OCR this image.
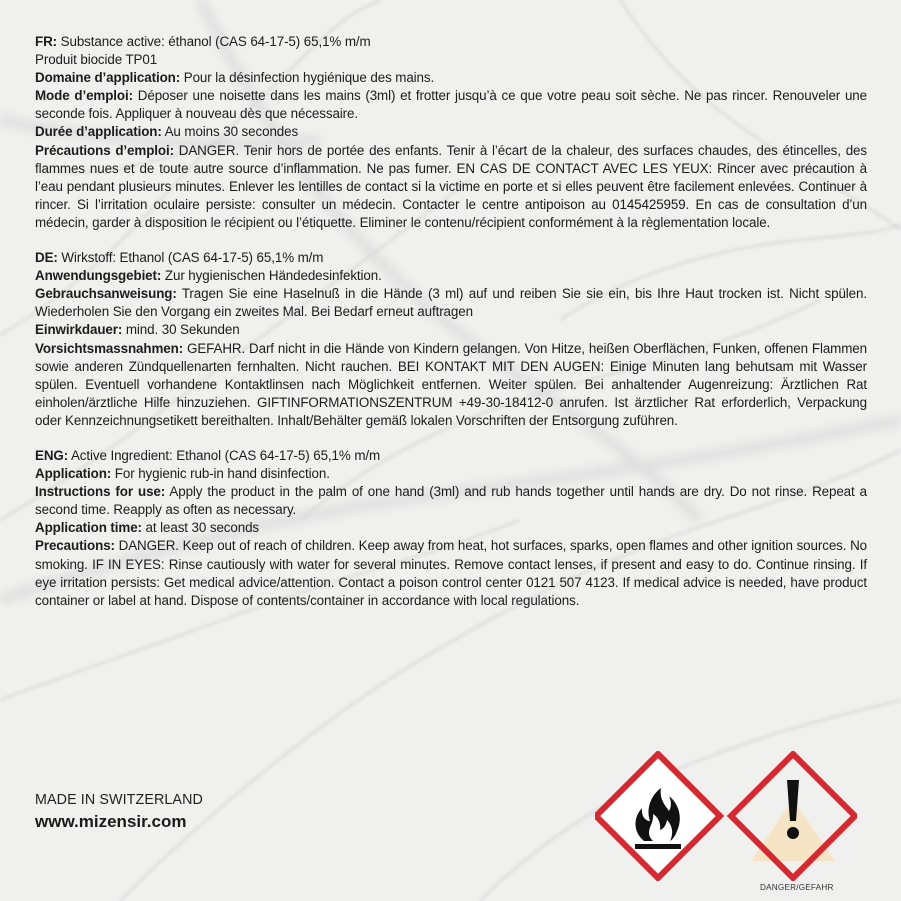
FR: Substance active: éthanol (CAS 64-17-5) 65,1% m/m
Produit biocide TP01
Domaine d’application: Pour la désinfection hygiénique des mains.
Mode d’emploi: Déposer une noisette dans les mains (3ml) et frotter jusqu’à ce que votre peau soit sèche. Ne pas rincer. Renouveler une seconde fois. Appliquer à nouveau dès que nécessaire.
Durée d’application: Au moins 30 secondes
Précautions d’emploi: DANGER. Tenir hors de portée des enfants. Tenir à l’écart de la chaleur, des surfaces chaudes, des étincelles, des flammes nues et de toute autre source d’inflammation. Ne pas fumer. EN CAS DE CONTACT AVEC LES YEUX: Rincer avec précaution à l’eau pendant plusieurs minutes. Enlever les lentilles de contact si la victime en porte et si elles peuvent être facilement enlevées. Continuer à rincer. Si l’irritation oculaire persiste: consulter un médecin. Contacter le centre antipoison au 0145425959. En cas de consultation d’un médecin, garder à disposition le récipient ou l’étiquette. Eliminer le contenu/récipient conformément à la règlementation locale.
DE: Wirkstoff: Ethanol (CAS 64-17-5) 65,1% m/m
Anwendungsgebiet: Zur hygienischen Händedesinfektion.
Gebrauchsanweisung: Tragen Sie eine Haselnuß in die Hände (3 ml) auf und reiben Sie sie ein, bis Ihre Haut trocken ist. Nicht spülen. Wiederholen Sie den Vorgang ein zweites Mal. Bei Bedarf erneut auftragen
Einwirkdauer: mind. 30 Sekunden
Vorsichtsmassnahmen: GEFAHR. Darf nicht in die Hände von Kindern gelangen. Von Hitze, heißen Oberflächen, Funken, offenen Flammen sowie anderen Zündquellenarten fernhalten. Nicht rauchen. BEI KONTAKT MIT DEN AUGEN: Einige Minuten lang behutsam mit Wasser spülen. Eventuell vorhandene Kontaktlinsen nach Möglichkeit entfernen. Weiter spülen. Bei anhaltender Augenreizung: Ärztlichen Rat einholen/ärztliche Hilfe hinzuziehen. GIFTINFORMATIONSZENTRUM +49-30-18412-0 anrufen. Ist ärztlicher Rat erforderlich, Verpackung oder Kennzeichnungsetikett bereithalten. Inhalt/Behälter gemäß lokalen Vorschriften der Entsorgung zuführen.
ENG: Active Ingredient: Ethanol (CAS 64-17-5) 65,1% m/m
Application: For hygienic rub-in hand disinfection.
Instructions for use: Apply the product in the palm of one hand (3ml) and rub hands together until hands are dry. Do not rinse. Repeat a second time. Reapply as often as necessary.
Application time: at least 30 seconds
Precautions: DANGER. Keep out of reach of children. Keep away from heat, hot surfaces, sparks, open flames and other ignition sources. No smoking. IF IN EYES: Rinse cautiously with water for several minutes. Remove contact lenses, if present and easy to do. Continue rinsing. If eye irritation persists: Get medical advice/attention. Contact a poison control center 0121 507 4123. If medical advice is needed, have product container or label at hand. Dispose of contents/container in accordance with local regulations.
MADE IN SWITZERLAND
www.mizensir.com
DANGER/GEFAHR
